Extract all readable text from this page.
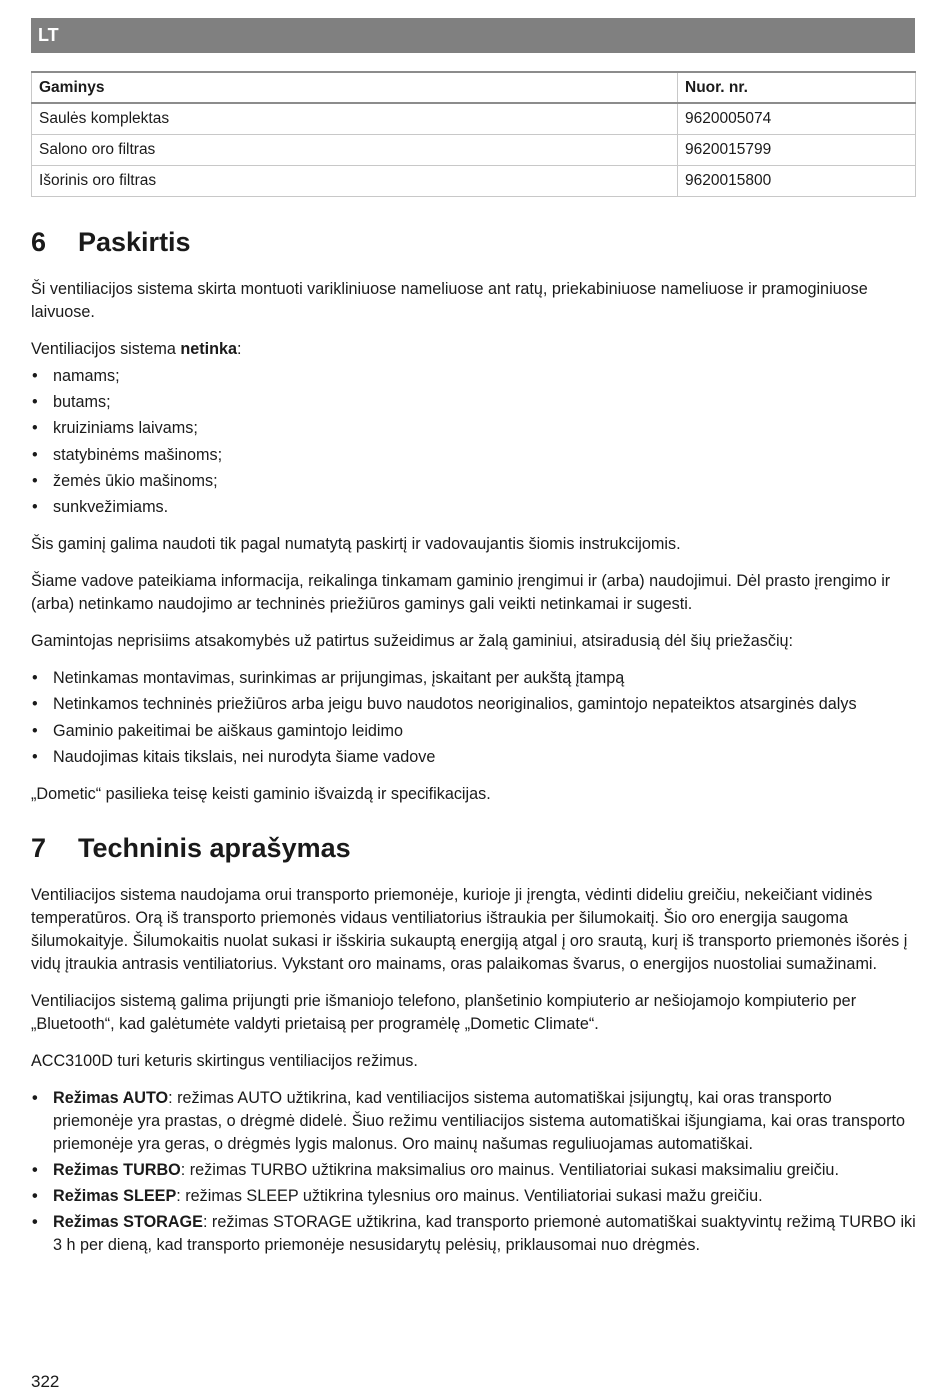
LT
Gaminys	Nuor. nr.
Saulės komplektas	9620005074
Salono oro filtras	9620015799
Išorinis oro filtras	9620015800
6	Paskirtis

Ši ventiliacijos sistema skirta montuoti varikliniuose nameliuose ant ratų, priekabiniuose nameliuose ir pramoginiuose laivuose.

Ventiliacijos sistema netinka:

• namams;
• butams;
• kruiziniams laivams;
• statybinėms mašinoms;
• žemės ūkio mašinoms;
• sunkvežimiams.

Šis gaminį galima naudoti tik pagal numatytą paskirtį ir vadovaujantis šiomis instrukcijomis.

Šiame vadove pateikiama informacija, reikalinga tinkamam gaminio įrengimui ir (arba) naudojimui. Dėl prasto įrengimo ir (arba) netinkamo naudojimo ar techninės priežiūros gaminys gali veikti netinkamai ir sugesti.

Gamintojas neprisiims atsakomybės už patirtus sužeidimus ar žalą gaminiui, atsiradusią dėl šių priežasčių:

• Netinkamas montavimas, surinkimas ar prijungimas, įskaitant per aukštą įtampą
• Netinkamos techninės priežiūros arba jeigu buvo naudotos neoriginalios, gamintojo nepateiktos atsarginės dalys
• Gaminio pakeitimai be aiškaus gamintojo leidimo
• Naudojimas kitais tikslais, nei nurodyta šiame vadove

„Dometic“ pasilieka teisę keisti gaminio išvaizdą ir specifikacijas.

7	Techninis aprašymas

Ventiliacijos sistema naudojama orui transporto priemonėje, kurioje ji įrengta, vėdinti dideliu greičiu, nekeičiant vidinės temperatūros. Orą iš transporto priemonės vidaus ventiliatorius ištraukia per šilumokaitį. Šio oro energija saugoma šilumokaityje. Šilumokaitis nuolat sukasi ir išskiria sukauptą energiją atgal į oro srautą, kurį iš transporto priemonės išorės į vidų įtraukia antrasis ventiliatorius. Vykstant oro mainams, oras palaikomas švarus, o energijos nuostoliai sumažinami.

Ventiliacijos sistemą galima prijungti prie išmaniojo telefono, planšetinio kompiuterio ar nešiojamojo kompiuterio per „Bluetooth“, kad galėtumėte valdyti prietaisą per programėlę „Dometic Climate“.

ACC3100D turi keturis skirtingus ventiliacijos režimus.

• Režimas AUTO: režimas AUTO užtikrina, kad ventiliacijos sistema automatiškai įsijungtų, kai oras transporto priemonėje yra prastas, o drėgmė didelė. Šiuo režimu ventiliacijos sistema automatiškai išjungiama, kai oras transporto priemonėje yra geras, o drėgmės lygis malonus. Oro mainų našumas reguliuojamas automatiškai.
• Režimas TURBO: režimas TURBO užtikrina maksimalius oro mainus. Ventiliatoriai sukasi maksimaliu greičiu.
• Režimas SLEEP: režimas SLEEP užtikrina tylesnius oro mainus. Ventiliatoriai sukasi mažu greičiu.
• Režimas STORAGE: režimas STORAGE užtikrina, kad transporto priemonė automatiškai suaktyvintų režimą TURBO iki 3 h per dieną, kad transporto priemonėje nesusidarytų pelėsių, priklausomai nuo drėgmės.
322
